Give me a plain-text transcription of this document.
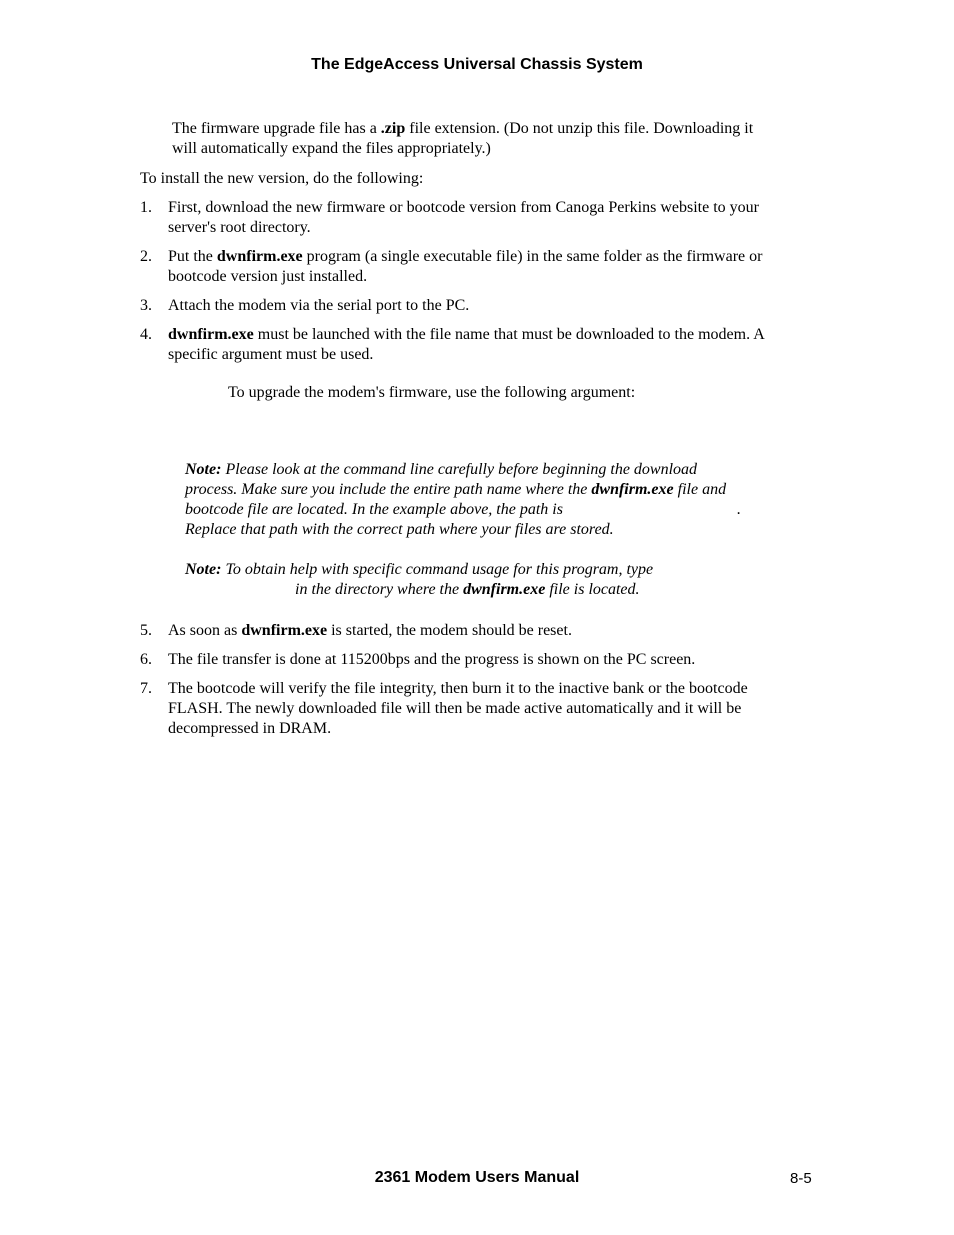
The EdgeAccess Universal Chassis System
The firmware upgrade file has a .zip file extension. (Do not unzip this file. Downloading it
will automatically expand the files appropriately.)
To install the new version, do the following:
1. First, download the new firmware or bootcode version from Canoga Perkins website to your
server's root directory.
2. Put the dwnfirm.exe program (a single executable file) in the same folder as the firmware or
bootcode version just installed.
3. Attach the modem via the serial port to the PC.
4. dwnfirm.exe must be launched with the file name that must be downloaded to the modem. A
specific argument must be used.
To upgrade the modem's firmware, use the following argument:
Note: Please look at the command line carefully before beginning the download
process. Make sure you include the entire path name where the dwnfirm.exe file and
bootcode file are located. In the example above, the path is	.
Replace that path with the correct path where your files are stored.
Note: To obtain help with specific command usage for this program, type
in the directory where the dwnfirm.exe file is located.
5. As soon as dwnfirm.exe is started, the modem should be reset.
6. The file transfer is done at 115200bps and the progress is shown on the PC screen.
7. The bootcode will verify the file integrity, then burn it to the inactive bank or the bootcode
FLASH. The newly downloaded file will then be made active automatically and it will be
decompressed in DRAM.
2361 Modem Users Manual	8-5
